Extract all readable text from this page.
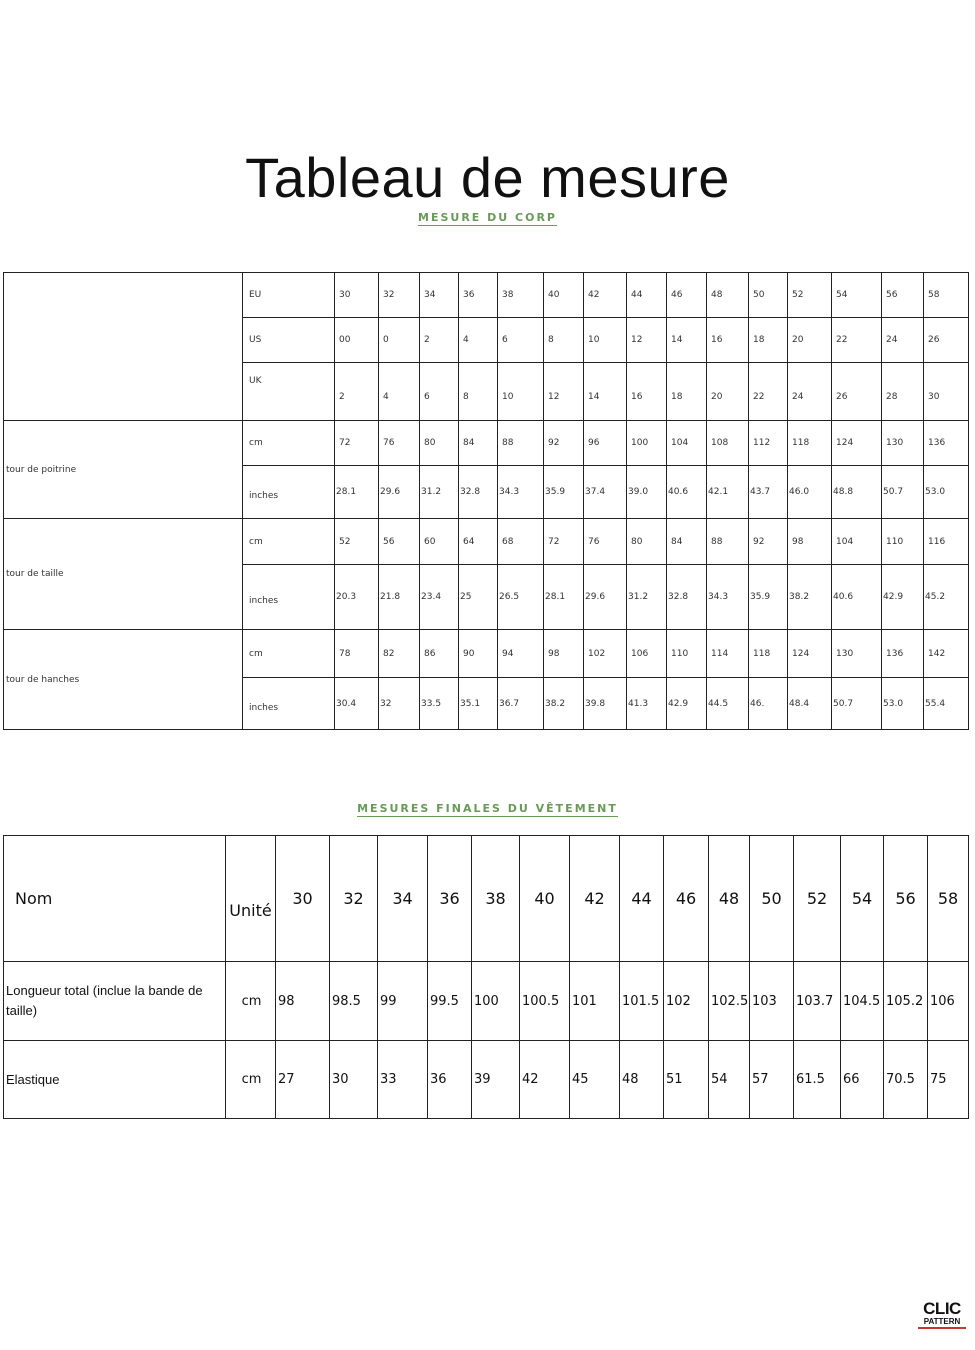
Tableau de mesure
MESURE DU CORP
	EU	30	32	34	36	38	40	42	44	46	48	50	52	54	56	58
	US	00	0	2	4	6	8	10	12	14	16	18	20	22	24	26
	UK	2	4	6	8	10	12	14	16	18	20	22	24	26	28	30
tour de poitrine	cm	72	76	80	84	88	92	96	100	104	108	112	118	124	130	136
	inches	28.1	29.6	31.2	32.8	34.3	35.9	37.4	39.0	40.6	42.1	43.7	46.0	48.8	50.7	53.0
tour de taille	cm	52	56	60	64	68	72	76	80	84	88	92	98	104	110	116
	inches	20.3	21.8	23.4	25	26.5	28.1	29.6	31.2	32.8	34.3	35.9	38.2	40.6	42.9	45.2
tour de hanches	cm	78	82	86	90	94	98	102	106	110	114	118	124	130	136	142
	inches	30.4	32	33.5	35.1	36.7	38.2	39.8	41.3	42.9	44.5	46.	48.4	50.7	53.0	55.4
MESURES FINALES DU VÊTEMENT
Nom	Unité	30	32	34	36	38	40	42	44	46	48	50	52	54	56	58
Longueur total (inclue la bande de taille)	cm	98	98.5	99	99.5	100	100.5	101	101.5	102	102.5	103	103.7	104.5	105.2	106
Elastique	cm	27	30	33	36	39	42	45	48	51	54	57	61.5	66	70.5	75
CLIC
PATTERN
